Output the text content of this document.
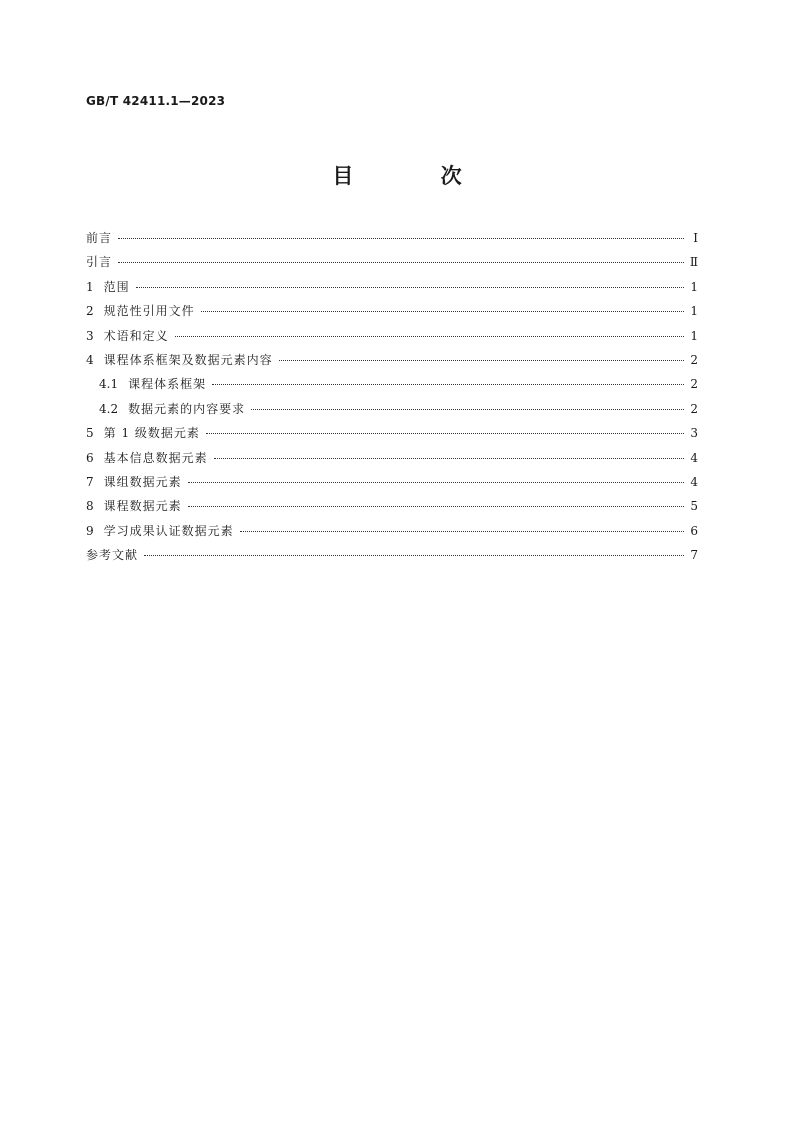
GB/T 42411.1—2023
目 次
前言	Ⅰ
引言	Ⅱ
1 范围	1
2 规范性引用文件	1
3 术语和定义	1
4 课程体系框架及数据元素内容	2
4.1 课程体系框架	2
4.2 数据元素的内容要求	2
5 第 1 级数据元素	3
6 基本信息数据元素	4
7 课组数据元素	4
8 课程数据元素	5
9 学习成果认证数据元素	6
参考文献	7
